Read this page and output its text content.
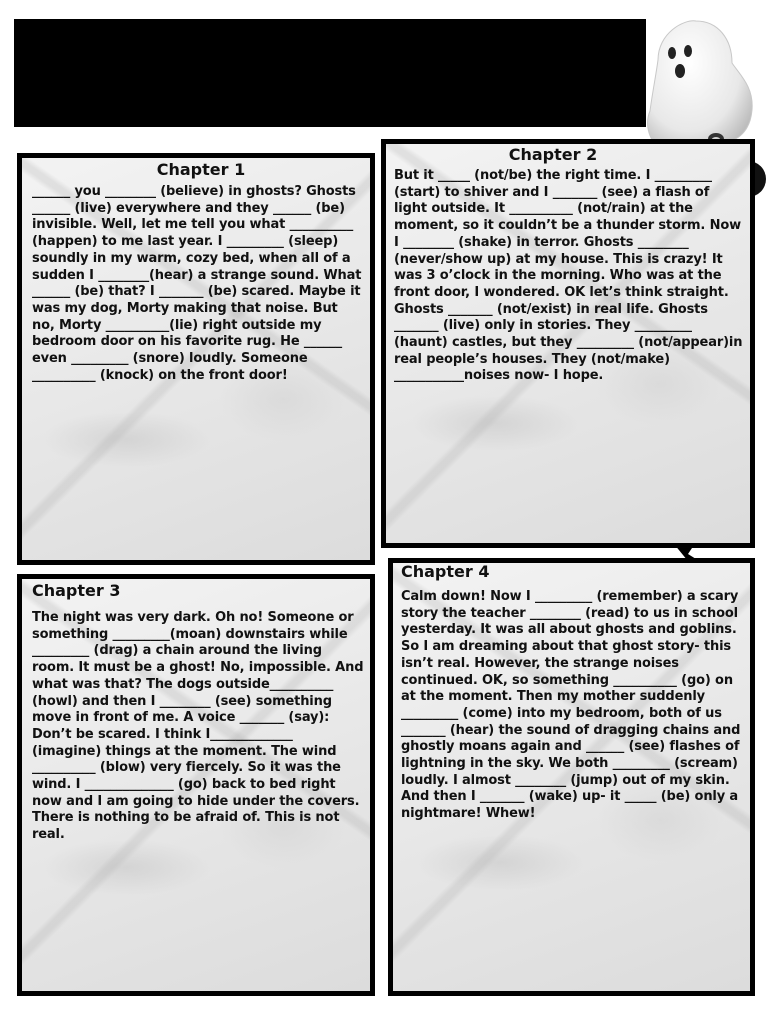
Chapter 1

______ you ________ (believe) in ghosts? Ghosts ______ (live) everywhere and they ______ (be) invisible. Well, let me tell you what __________ (happen) to me last year. I _________ (sleep) soundly in my warm, cozy bed, when all of a sudden I ________(hear) a strange sound. What ______ (be) that? I _______ (be) scared. Maybe it was my dog, Morty making that noise. But no, Morty __________(lie) right outside my bedroom door on his favorite rug. He ______ even _________ (snore) loudly. Someone __________ (knock) on the front door!

Chapter 2

But it _____ (not/be) the right time. I _________ (start) to shiver and I _______ (see) a flash of light outside. It __________ (not/rain) at the moment, so it couldn’t be a thunder storm. Now I ________ (shake) in terror. Ghosts ________ (never/show up) at my house. This is crazy! It was 3 o’clock in the morning. Who was at the front door, I wondered. OK let’s think straight. Ghosts _______ (not/exist) in real life. Ghosts _______ (live) only in stories. They _________ (haunt) castles, but they _________ (not/appear)in real people’s houses. They (not/make) ___________noises now- I hope.

Chapter 3

The night was very dark. Oh no! Someone or something _________(moan) downstairs while _________ (drag) a chain around the living room. It must be a ghost! No, impossible. And what was that? The dogs outside__________ (howl) and then I ________ (see) something move in front of me. A voice _______ (say): Don’t be scared. I think I_____________ (imagine) things at the moment. The wind __________ (blow) very fiercely. So it was the wind. I ______________ (go) back to bed right now and I am going to hide under the covers. There is nothing to be afraid of. This is not real.

Chapter 4

Calm down! Now I _________ (remember) a scary story the teacher ________ (read) to us in school yesterday. It was all about ghosts and goblins. So I am dreaming about that ghost story- this isn’t real. However, the strange noises continued. OK, so something __________ (go) on at the moment. Then my mother suddenly _________ (come) into my bedroom, both of us _______ (hear) the sound of dragging chains and ghostly moans again and ______ (see) flashes of lightning in the sky. We both _________ (scream) loudly. I almost ________ (jump) out of my skin. And then I _______ (wake) up- it _____ (be) only a nightmare! Whew!
